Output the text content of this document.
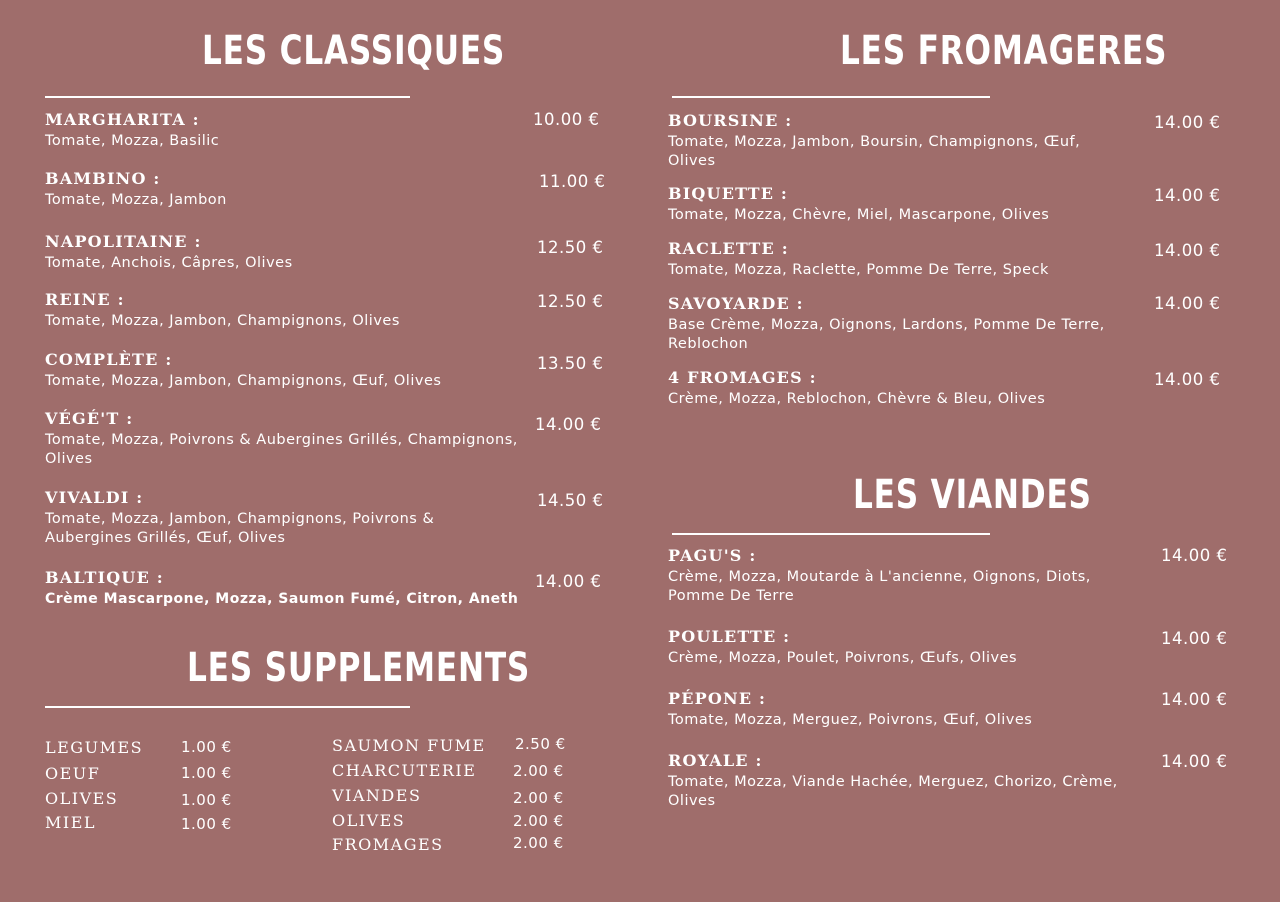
LES CLASSIQUES
MARGHARITA :
Tomate, Mozza, Basilic
10.00 €
BAMBINO :
Tomate, Mozza, Jambon
11.00 €
NAPOLITAINE :
Tomate, Anchois, Câpres, Olives
12.50 €
REINE :
Tomate, Mozza, Jambon, Champignons, Olives
12.50 €
COMPLÈTE :
Tomate, Mozza, Jambon, Champignons, Œuf, Olives
13.50 €
VÉGÉ'T :
Tomate, Mozza, Poivrons & Aubergines Grillés, Champignons, Olives
14.00 €
VIVALDI :
Tomate, Mozza, Jambon, Champignons, Poivrons & Aubergines Grillés, Œuf, Olives
14.50 €
BALTIQUE :
Crème Mascarpone, Mozza, Saumon Fumé, Citron, Aneth
14.00 €
LES SUPPLEMENTS
LEGUMES	1.00 €
OEUF	1.00 €
OLIVES	1.00 €
MIEL	1.00 €
SAUMON FUME 2.50 €
CHARCUTERIE 2.00 €
VIANDES	2.00 €
OLIVES	2.00 €
FROMAGES	2.00 €
LES FROMAGERES
BOURSINE :
Tomate, Mozza, Jambon, Boursin, Champignons, Œuf, Olives
14.00 €
BIQUETTE :
Tomate, Mozza, Chèvre, Miel, Mascarpone, Olives
14.00 €
RACLETTE :
Tomate, Mozza, Raclette, Pomme De Terre, Speck
14.00 €
SAVOYARDE :
Base Crème, Mozza, Oignons, Lardons, Pomme De Terre, Reblochon
14.00 €
4 FROMAGES :
Crème, Mozza, Reblochon, Chèvre & Bleu, Olives
14.00 €
LES VIANDES
PAGU'S :
Crème, Mozza, Moutarde à L'ancienne, Oignons, Diots, Pomme De Terre
14.00 €
POULETTE :
Crème, Mozza, Poulet, Poivrons, Œufs, Olives
14.00 €
PÉPONE :
Tomate, Mozza, Merguez, Poivrons, Œuf, Olives
14.00 €
ROYALE :
Tomate, Mozza, Viande Hachée, Merguez, Chorizo, Crème, Olives
14.00 €
